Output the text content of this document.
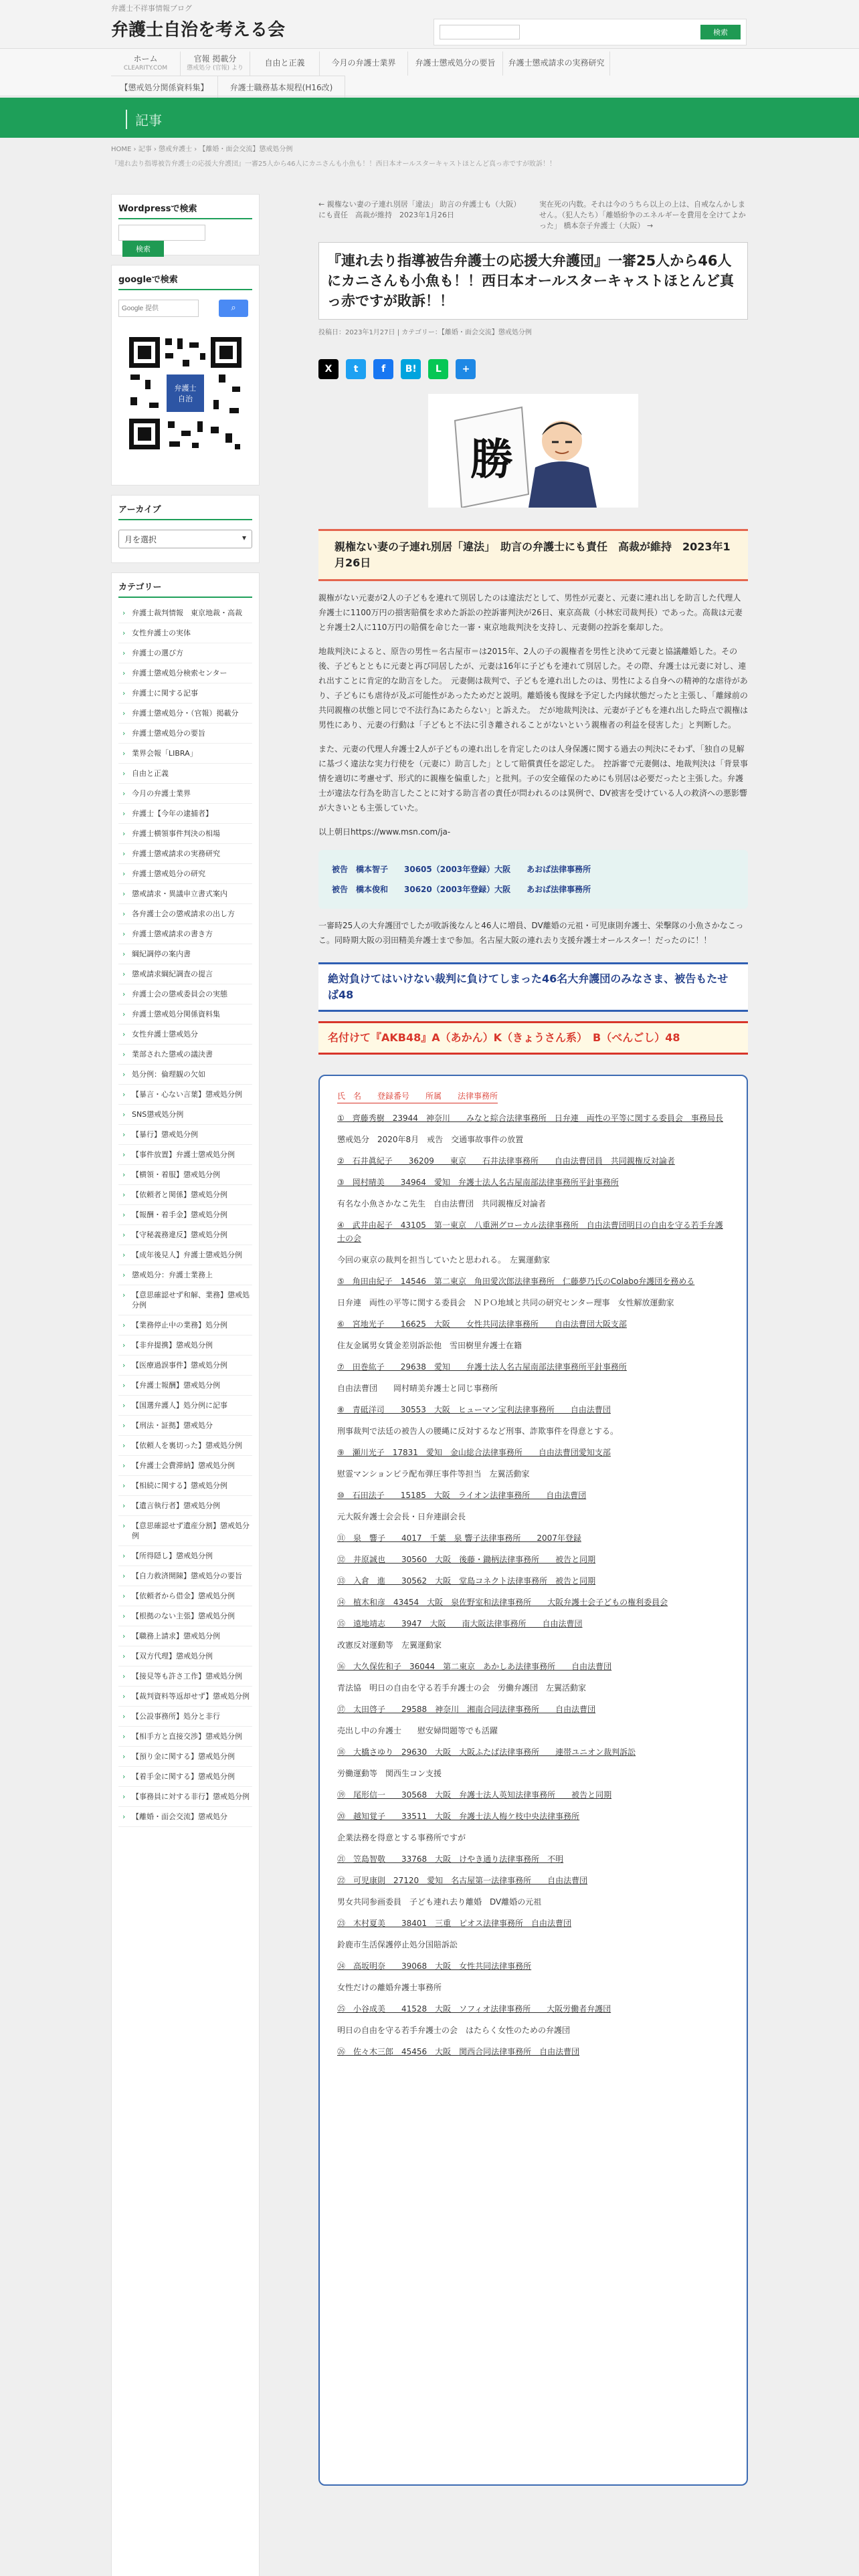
弁護士不祥事情報ブログ
弁護士自治を考える会	検索
ホーム
CLEARITY.COM
官報 掲載分
懲戒処分 (官報) より
自由と正義	今月の弁護士業界	弁護士懲戒処分の要旨	弁護士懲戒請求の実務研究
【懲戒処分関係資料集】	弁護士職務基本規程(H16改)
記事
HOME › 記事 › 懲戒弁護士 › 【離婚・面会交流】懲戒処分例
『連れ去り指導被告弁護士の応援大弁護団』一審25人から46人にカニさんも小魚も！！西日本オールスターキャストほとんど真っ赤ですが敗訴！！
Wordpressで検索
検索
googleで検索
Google 提供
⌕
弁護士
自治
アーカイブ
月を選択	▾
カテゴリー
› 弁護士裁判情報　東京地裁・高裁
› 女性弁護士の実体
› 弁護士の選び方
› 弁護士懲戒処分検索センター
› 弁護士に関する記事
› 弁護士懲戒処分・（官報）掲載分
› 弁護士懲戒処分の要旨
› 業界会報「LIBRA」
› 自由と正義
› 今月の弁護士業界
› 弁護士【今年の逮捕者】
› 弁護士横領事件判決の相場
› 弁護士懲戒請求の実務研究
› 弁護士懲戒処分の研究
› 懲戒請求・異議申立書式案内
› 各弁護士会の懲戒請求の出し方
› 弁護士懲戒請求の書き方
› 綱紀調停の案内書
› 懲戒請求綱紀調査の提言
› 弁護士会の懲戒委員会の実態
› 弁護士懲戒処分関係資料集
› 女性弁護士懲戒処分
› 業部された懲戒の議決書
› 処分例：倫理観の欠如
› 【暴言・心ない言葉】懲戒処分例
› SNS懲戒処分例
› 【暴行】懲戒処分例
› 【事件放置】弁護士懲戒処分例
› 【横領・着服】懲戒処分例
› 【依頼者と関係】懲戒処分例
› 【報酬・着手金】懲戒処分例
› 【守秘義務違反】懲戒処分例
› 【成年後見人】弁護士懲戒処分例
› 懲戒処分：弁護士業務上
› 【意思確認せず和解、業務】懲戒処分例
› 【業務停止中の業務】処分例
› 【非弁提携】懲戒処分例
› 【医療過誤事件】懲戒処分例
› 【弁護士報酬】懲戒処分例
› 【国選弁護人】処分例に記事
› 【刑法・証拠】懲戒処分
› 【依頼人を裏切った】懲戒処分例
› 【弁護士会費滞納】懲戒処分例
› 【相続に関する】懲戒処分例
› 【遺言執行者】懲戒処分例
› 【意思確認せず遺産分割】懲戒処分例
› 【所得隠し】懲戒処分例
› 【自力救済開陳】懲戒処分の要旨
› 【依頼者から借金】懲戒処分例
› 【根拠のない主張】懲戒処分例
› 【職務上請求】懲戒処分例
› 【双方代理】懲戒処分例
› 【接見等も許さ工作】懲戒処分例
› 【裁判資料等返却せず】懲戒処分例
› 【公設事務所】処分と非行
› 【相手方と直接交渉】懲戒処分例
› 【預り金に関する】懲戒処分例
› 【着手金に関する】懲戒処分例
› 【事務員に対する非行】懲戒処分例
› 【離婚・面会交流】懲戒処分
← 親権ない妻の子連れ別居「違法」 助言の弁護士も（大阪）にも責任　高裁が維持　2023年1月26日
実在死の内数。それは今のうちら以上の上は、自戒なんかしません。（犯人たち）「離婚紛争のエネルギーを費用を全けてよかった」 橋本奈子弁護士（大阪） →
『連れ去り指導被告弁護士の応援大弁護団』一審25人から46人にカニさんも小魚も！！西日本オールスターキャストほとんど真っ赤ですが敗訴！！
投稿日：2023年1月27日 | カテゴリー：【離婚・面会交流】懲戒処分例
X t f B! L +
勝
親権ない妻の子連れ別居「違法」　助言の弁護士にも責任　高裁が維持　2023年1月26日
親権がない元妻が2人の子どもを連れて別居したのは違法だとして、男性が元妻と、元妻に連れ出しを助言した代理人弁護士に1100万円の損害賠償を求めた訴訟の控訴審判決が26日、東京高裁（小林宏司裁判長）であった。高裁は元妻と弁護士2人に110万円の賠償を命じた一審・東京地裁判決を支持し、元妻側の控訴を棄却した。
地裁判決によると、原告の男性＝名古屋市＝は2015年、2人の子の親権者を男性と決めて元妻と協議離婚した。その後、子どもとともに元妻と再び同居したが、元妻は16年に子どもを連れて別居した。その際、弁護士は元妻に対し、連れ出すことに肯定的な助言をした。　元妻側は裁判で、子どもを連れ出したのは、男性による自身への精神的な虐待があり、子どもにも虐待が及ぶ可能性があったためだと説明。離婚後も復縁を予定した内縁状態だったと主張し、「離縁前の共同親権の状態と同じで不法行為にあたらない」と訴えた。　だが地裁判決は、元妻が子どもを連れ出した時点で親権は男性にあり、元妻の行動は「子どもと不法に引き離されることがないという親権者の利益を侵害した」と判断した。
また、元妻の代理人弁護士2人が子どもの連れ出しを肯定したのは人身保護に関する過去の判決にそわず、「独自の見解に基づく違法な実力行使を（元妻に）助言した」として賠償責任を認定した。　控訴審で元妻側は、地裁判決は「背景事情を適切に考慮せず、形式的に親権を偏重した」と批判。子の安全確保のためにも別居は必要だったと主張した。弁護士が違法な行為を助言したことに対する助言者の責任が問われるのは異例で、DV被害を受けている人の救済への悪影響が大きいとも主張していた。
以上朝日https://www.msn.com/ja-
被告　橋本智子　　30605（2003年登録）大阪　　あおば法律事務所
被告　橋本俊和　　30620（2003年登録）大阪　　あおば法律事務所
一審時25人の大弁護団でしたが敗訴後なんと46人に増員、DV離婚の元祖・可児康則弁護士、栄擊隊の小魚さかなこっこ。同時期大阪の羽田精美弁護士まで参加。名古屋大阪の連れ去り支援弁護士オールスター！だったのに！！
絶対負けてはいけない裁判に負けてしまった46名大弁護団のみなさま、被告もたせば48
名付けて『AKB48』A（あかん）K（きょうさん系）　B（べんごし）48
氏　名　　登録番号　　所属　　法律事務所
①　齊藤秀樹　23944　神奈川　　みなと綜合法律事務所　日弁連　両性の平等に関する委員会　事務局長
懲戒処分　2020年8月　戒告　交通事故事件の放置
②　石井眞紀子　　36209　　東京　　石井法律事務所　　自由法曹団員　共同親権反対論者
③　岡村晴美　　34964　愛知　弁護士法人名古屋南部法律事務所平針事務所
有名な小魚さかなこ先生　自由法曹団　共同親権反対論者
④　武井由起子　43105　第一東京　八重洲グローカル法律事務所　自由法曹団明日の自由を守る若手弁護士の会
今回の東京の裁判を担当していたと思われる。　左翼運動家
⑤　角田由紀子　14546　第二東京　角田愛次郎法律事務所　仁藤夢乃氏のColabo弁護団を務める
日弁連　両性の平等に関する委員会　ＮＰＯ地域と共同の研究センター理事　女性解放運動家
⑥　宮地光子　　16625　大阪　　女性共同法律事務所　　自由法曹団大阪支部
住友金属男女賃金差別訴訟他　雪田樹里弁護士在籍
⑦　田巻紘子　　29638　愛知　　弁護士法人名古屋南部法律事務所平針事務所
自由法曹団　　岡村晴美弁護士と同じ事務所
⑧　青砥洋司　　30553　大阪　ヒューマン宝利法律事務所　　自由法曹団
刑事裁判で法廷の被告人の腰縄に反対するなど刑事、詐欺事件を得意とする。
⑨　瀬川光子　17831　愛知　金山総合法律事務所　　自由法曹団愛知支部
慰霊マンションビラ配布弾圧事件等担当　左翼活動家
⑩　石田法子　　15185　大阪　ライオン法律事務所　　自由法曹団
元大阪弁護士会会長・日弁連副会長
⑪　泉　響子　　4017　千葉　泉 響子法律事務所　　2007年登録
⑫　井原誠也　　30560　大阪　後藤・鋤柄法律事務所　　被告と同期
⑬　入倉　進　　30562　大阪　堂島コネクト法律事務所　被告と同期
⑭　植木和彦　43454　大阪　泉佐野室和法律事務所　　大阪弁護士会子どもの権利委員会
⑮　遠地靖志　　3947　大阪　　南大阪法律事務所　　自由法曹団
改憲反対運動等　左翼運動家
⑯　大久保佐和子　36044　第二東京　あかしあ法律事務所　　自由法曹団
青法協　明日の自由を守る若手弁護士の会　労働弁護団　左翼活動家
⑰　太田啓子　　29588　神奈川　湘南合同法律事務所　　自由法曹団
売出し中の弁護士　　慰安婦問題等でも活躍
⑱　大橋さゆり　29630　大阪　大阪ふたば法律事務所　　連帯ユニオン裁判訴訟
労働運動等　関西生コン支援
⑲　尾形信一　　30568　大阪　弁護士法人英知法律事務所　　被告と同期
⑳　越知覚子　　33511　大阪　弁護士法人梅ケ枝中央法律事務所
企業法務を得意とする事務所ですが
㉑　笠島智敬　　33768　大阪　けやき通り法律事務所　不明
㉒　可児康則　27120　愛知　名古屋第一法律事務所　　自由法曹団
男女共同参画委員　子ども連れ去り離婚　DV離婚の元祖
㉓　木村夏美　　38401　三重　ピオス法律事務所　自由法曹団
鈴鹿市生活保護停止処分国賠訴訟
㉔　高坂明奈　　39068　大阪　女性共同法律事務所
女性だけの離婚弁護士事務所
㉕　小谷成美　　41528　大阪　ソフィオ法律事務所　　大阪労働者弁護団
明日の自由を守る若手弁護士の会　はたらく女性のための弁護団
㉖　佐々木三郎　45456　大阪　関西合同法律事務所　自由法曹団
